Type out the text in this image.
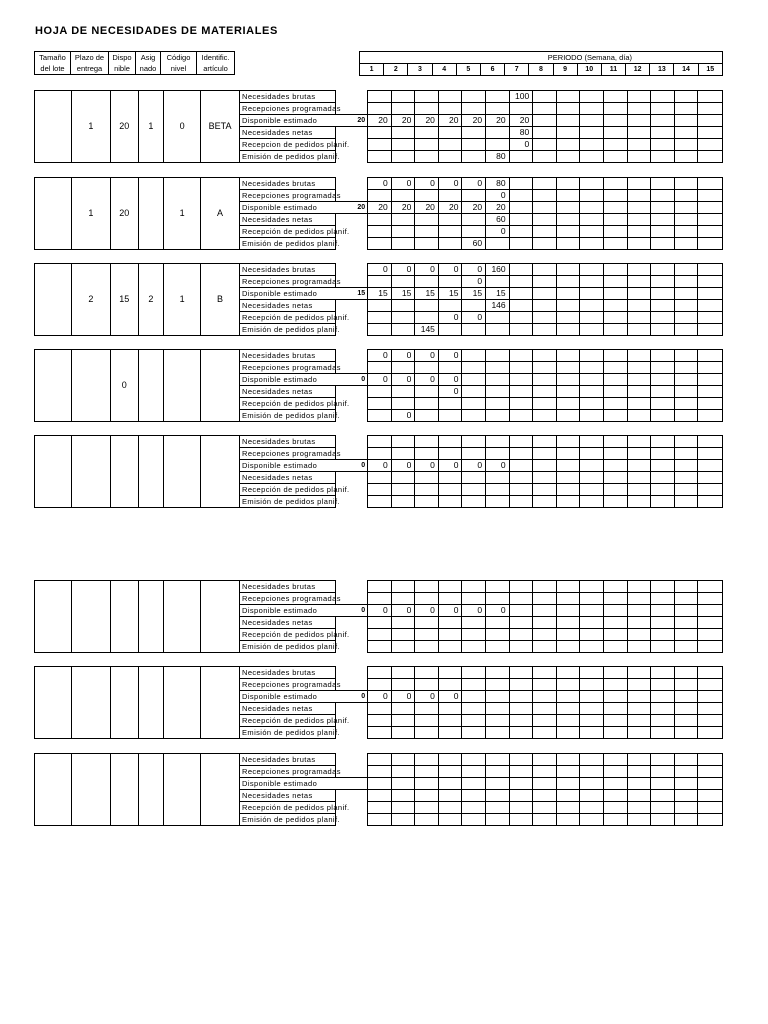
HOJA DE NECESIDADES DE MATERIALES
Tamaño	Plazo de	Dispo	Asig	Código	Identific.
del lote	entrega	nible	nado	nivel	artículo
PERIODO (Semana, día)
1	2	3	4	5	6	7	8	9	10	11	12	13	14	15
	1	20	1	0	BETA	Necesidades brutas								100								
						Recepciones programadas																
						Disponible estimado	20	20	20	20	20	20	20	20								
						Necesidades netas								80								
						Recepcion de pedidos planif.								0								
						Emisión de pedidos planif.							80									
	1	20		1	A	Necesidades brutas		0	0	0	0	0	80									
						Recepciones programadas							0									
						Disponible estimado	20	20	20	20	20	20	20									
						Necesidades netas							60									
						Recepción de pedidos planif.							0									
						Emisión de pedidos planif.						60										
	2	15	2	1	B	Necesidades brutas		0	0	0	0	0	160									
						Recepciones programadas						0										
						Disponible estimado	15	15	15	15	15	15	15									
						Necesidades netas							146									
						Recepción de pedidos planif.					0	0										
						Emisión de pedidos planif.				145												
		0				Necesidades brutas		0	0	0	0											
						Recepciones programadas																
						Disponible estimado	0	0	0	0	0											
						Necesidades netas					0											
						Recepción de pedidos planif.																
						Emisión de pedidos planif.			0													
						Necesidades brutas																
						Recepciones programadas																
						Disponible estimado	0	0	0	0	0	0	0									
						Necesidades netas																
						Recepción de pedidos planif.																
						Emisión de pedidos planif.																
						Necesidades brutas																
						Recepciones programadas																
						Disponible estimado	0	0	0	0	0	0	0									
						Necesidades netas																
						Recepción de pedidos planif.																
						Emisión de pedidos planif.																
						Necesidades brutas																
						Recepciones programadas																
						Disponible estimado	0	0	0	0	0											
						Necesidades netas																
						Recepción de pedidos planif.																
						Emisión de pedidos planif.																
						Necesidades brutas																
						Recepciones programadas																
						Disponible estimado																
						Necesidades netas																
						Recepción de pedidos planif.																
						Emisión de pedidos planif.																
